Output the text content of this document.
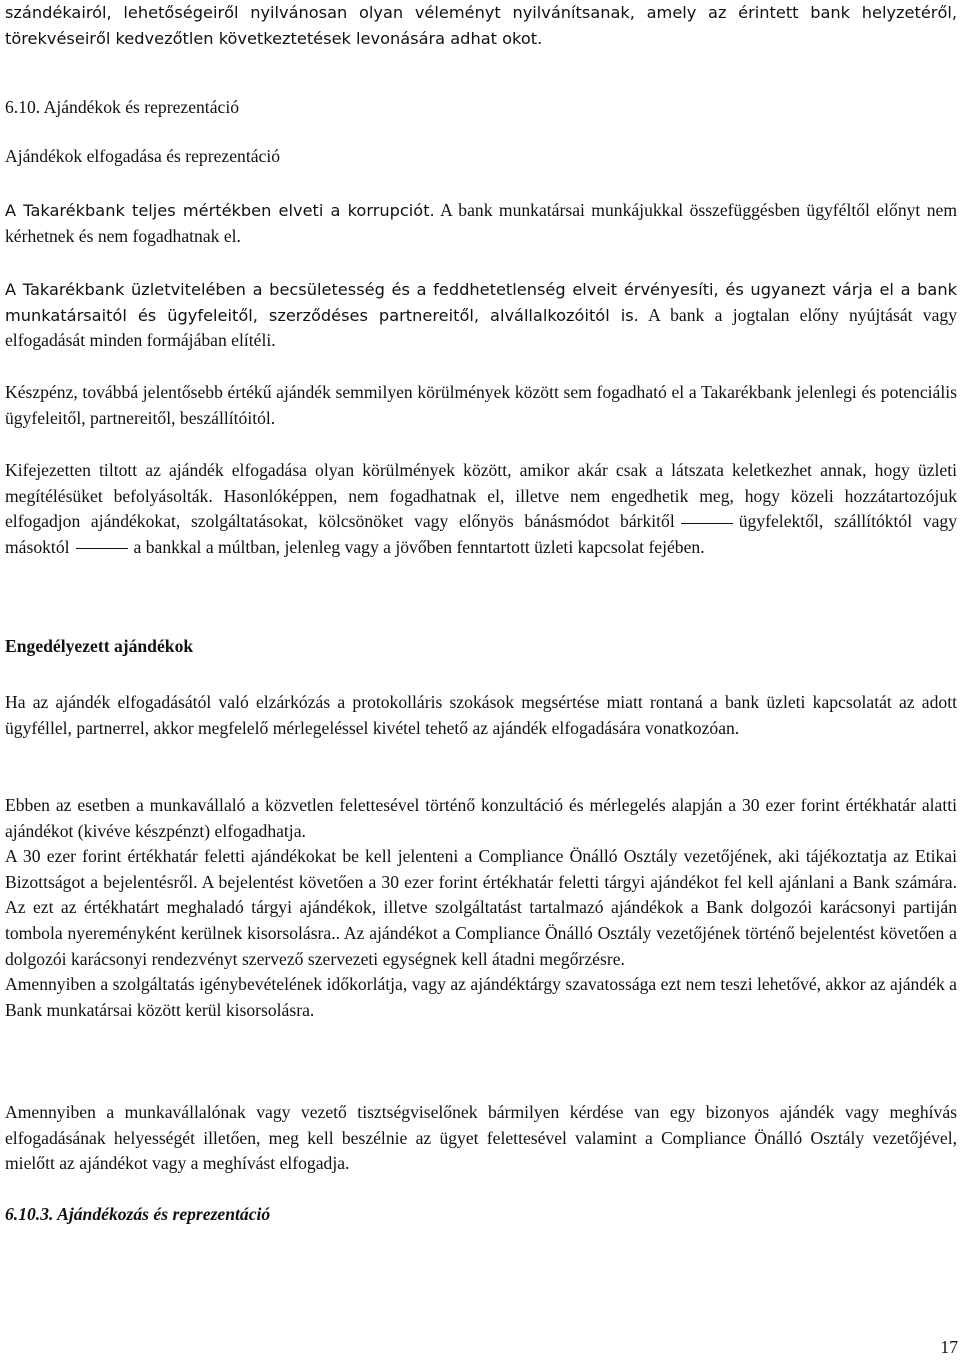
szándékairól, lehetőségeiről nyilvánosan olyan véleményt nyilvánítsanak, amely az érintett bank helyzetéről, törekvéseiről kedvezőtlen következtetések levonására adhat okot.

6.10. Ajándékok és reprezentáció

Ajándékok elfogadása és reprezentáció

A Takarékbank teljes mértékben elveti a korrupciót. A bank munkatársai munkájukkal összefüggésben ügyféltől előnyt nem kérhetnek és nem fogadhatnak el.

A Takarékbank üzletvitelében a becsületesség és a feddhetetlenség elveit érvényesíti, és ugyanezt várja el a bank munkatársaitól és ügyfeleitől, szerződéses partnereitől, alvállalkozóitól is. A bank a jogtalan előny nyújtását vagy elfogadását minden formájában elítéli.

Készpénz, továbbá jelentősebb értékű ajándék semmilyen körülmények között sem fogadható el a Takarékbank jelenlegi és potenciális ügyfeleitől, partnereitől, beszállítóitól.

Kifejezetten tiltott az ajándék elfogadása olyan körülmények között, amikor akár csak a látszata keletkezhet annak, hogy üzleti megítélésüket befolyásolták. Hasonlóképpen, nem fogadhatnak el, illetve nem engedhetik meg, hogy közeli hozzátartozójuk elfogadjon ajándékokat, szolgáltatásokat, kölcsönöket vagy előnyös bánásmódot bárkitől	ügyfelektől, szállítóktól vagy másoktól	a bankkal a múltban, jelenleg vagy a jövőben fenntartott üzleti kapcsolat fejében.

Engedélyezett ajándékok

Ha az ajándék elfogadásától való elzárkózás a protokolláris szokások megsértése miatt rontaná a bank üzleti kapcsolatát az adott ügyféllel, partnerrel, akkor megfelelő mérlegeléssel kivétel tehető az ajándék elfogadására vonatkozóan.

Ebben az esetben a munkavállaló a közvetlen felettesével történő konzultáció és mérlegelés alapján a 30 ezer forint értékhatár alatti ajándékot (kivéve készpénzt) elfogadhatja.

A 30 ezer forint értékhatár feletti ajándékokat be kell jelenteni a Compliance Önálló Osztály vezetőjének, aki tájékoztatja az Etikai Bizottságot a bejelentésről. A bejelentést követően a 30 ezer forint értékhatár feletti tárgyi ajándékot fel kell ajánlani a Bank számára. Az ezt az értékhatárt meghaladó tárgyi ajándékok, illetve szolgáltatást tartalmazó ajándékok a Bank dolgozói karácsonyi partiján tombola nyereményként kerülnek kisorsolásra.. Az ajándékot a Compliance Önálló Osztály vezetőjének történő bejelentést követően a dolgozói karácsonyi rendezvényt szervező szervezeti egységnek kell átadni megőrzésre.

Amennyiben a szolgáltatás igénybevételének időkorlátja, vagy az ajándéktárgy szavatossága ezt nem teszi lehetővé, akkor az ajándék a Bank munkatársai között kerül kisorsolásra.

Amennyiben a munkavállalónak vagy vezető tisztségviselőnek bármilyen kérdése van egy bizonyos ajándék vagy meghívás elfogadásának helyességét illetően, meg kell beszélnie az ügyet felettesével valamint a Compliance Önálló Osztály vezetőjével, mielőtt az ajándékot vagy a meghívást elfogadja.

6.10.3. Ajándékozás és reprezentáció

17
